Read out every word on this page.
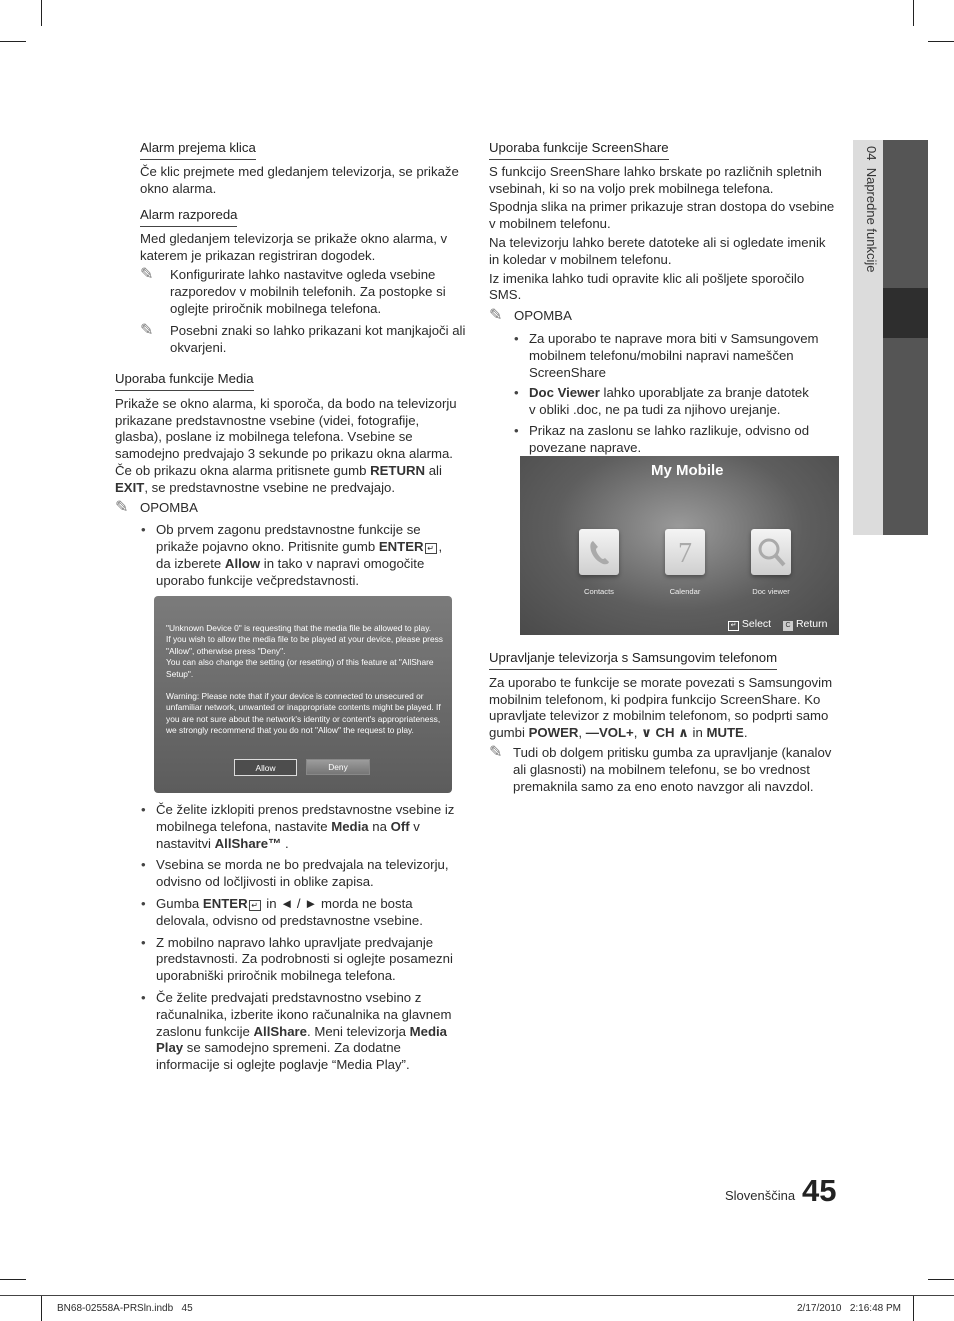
04  Napredne funkcije
Alarm prejema klica

Če klic prejmete med gledanjem televizorja, se prikaže okno alarma.

Alarm razporeda

Med gledanjem televizorja se prikaže okno alarma, v katerem je prikazan registriran dogodek.

✎ Konfigurirate lahko nastavitve ogleda vsebine razporedov v mobilnih telefonih. Za postopke si oglejte priročnik mobilnega telefona.

✎ Posebni znaki so lahko prikazani kot manjkajoči ali okvarjeni.

Uporaba funkcije Media

Prikaže se okno alarma, ki sporoča, da bodo na televizorju prikazane predstavnostne vsebine (videi, fotografije, glasba), poslane iz mobilnega telefona. Vsebine se samodejno predvajajo 3 sekunde po prikazu okna alarma. Če ob prikazu okna alarma pritisnete gumb RETURN ali EXIT, se predstavnostne vsebine ne predvajajo.

✎ OPOMBA
• Ob prvem zagonu predstavnostne funkcije se prikaže pojavno okno. Pritisnite gumb ENTER ↵ , da izberete Allow in tako v napravi omogočite uporabo funkcije večpredstavnosti.

"Unknown Device 0" is requesting that the media file be allowed to play.

If you wish to allow the media file to be played at your device, please press "Allow", otherwise press "Deny".

You can also change the setting (or resetting) of this feature at "AllShare Setup".

Warning: Please note that if your device is connected to unsecured or unfamiliar network, unwanted or inappropriate contents might be played. If you are not sure about the network's identity or content's appropriateness, we strongly recommend that you do not "Allow" the request to play.

Allow	Deny
• Če želite izklopiti prenos predstavnostne vsebine iz mobilnega telefona, nastavite Media na Off v nastavitvi AllShare™ .
• Vsebina se morda ne bo predvajala na televizorju, odvisno od ločljivosti in oblike zapisa.
• Gumba ENTER ↵ in ◄ / ► morda ne bosta delovala, odvisno od predstavnostne vsebine.
• Z mobilno napravo lahko upravljate predvajanje predstavnosti. Za podrobnosti si oglejte posamezni uporabniški priročnik mobilnega telefona.
• Če želite predvajati predstavnostno vsebino z računalnika, izberite ikono računalnika na glavnem zaslonu funkcije AllShare. Meni televizorja Media Play se samodejno spremeni. Za dodatne informacije si oglejte poglavje “Media Play”.
Uporaba funkcije ScreenShare

S funkcijo SreenShare lahko brskate po različnih spletnih vsebinah, ki so na voljo prek mobilnega telefona.

Spodnja slika na primer prikazuje stran dostopa do vsebine v mobilnem telefonu.

Na televizorju lahko berete datoteke ali si ogledate imenik in koledar v mobilnem telefonu.

Iz imenika lahko tudi opravite klic ali pošljete sporočilo SMS.

✎ OPOMBA
• Za uporabo te naprave mora biti v Samsungovem mobilnem telefonu/mobilni napravi nameščen ScreenShare
• Doc Viewer lahko uporabljate za branje datotek v obliki .doc, ne pa tudi za njihovo urejanje.
• Prikaz na zaslonu se lahko razlikuje, odvisno od povezane naprave.
My Mobile
Contacts
7
Calendar	Doc viewer
↵ Select C Return
Upravljanje televizorja s Samsungovim telefonom

Za uporabo te funkcije se morate povezati s Samsungovim mobilnim telefonom, ki podpira funkcijo ScreenShare. Ko upravljate televizor z mobilnim telefonom, so podprti samo gumbi POWER, —VOL+, ∨ CH ∧ in MUTE.

✎ Tudi ob dolgem pritisku gumba za upravljanje (kanalov ali glasnosti) na mobilnem telefonu, se bo vrednost premaknila samo za eno enoto navzgor ali navzdol.

Slovenščina 45
BN68-02558A-PRSln.indb   45	2/17/2010   2:16:48 PM
